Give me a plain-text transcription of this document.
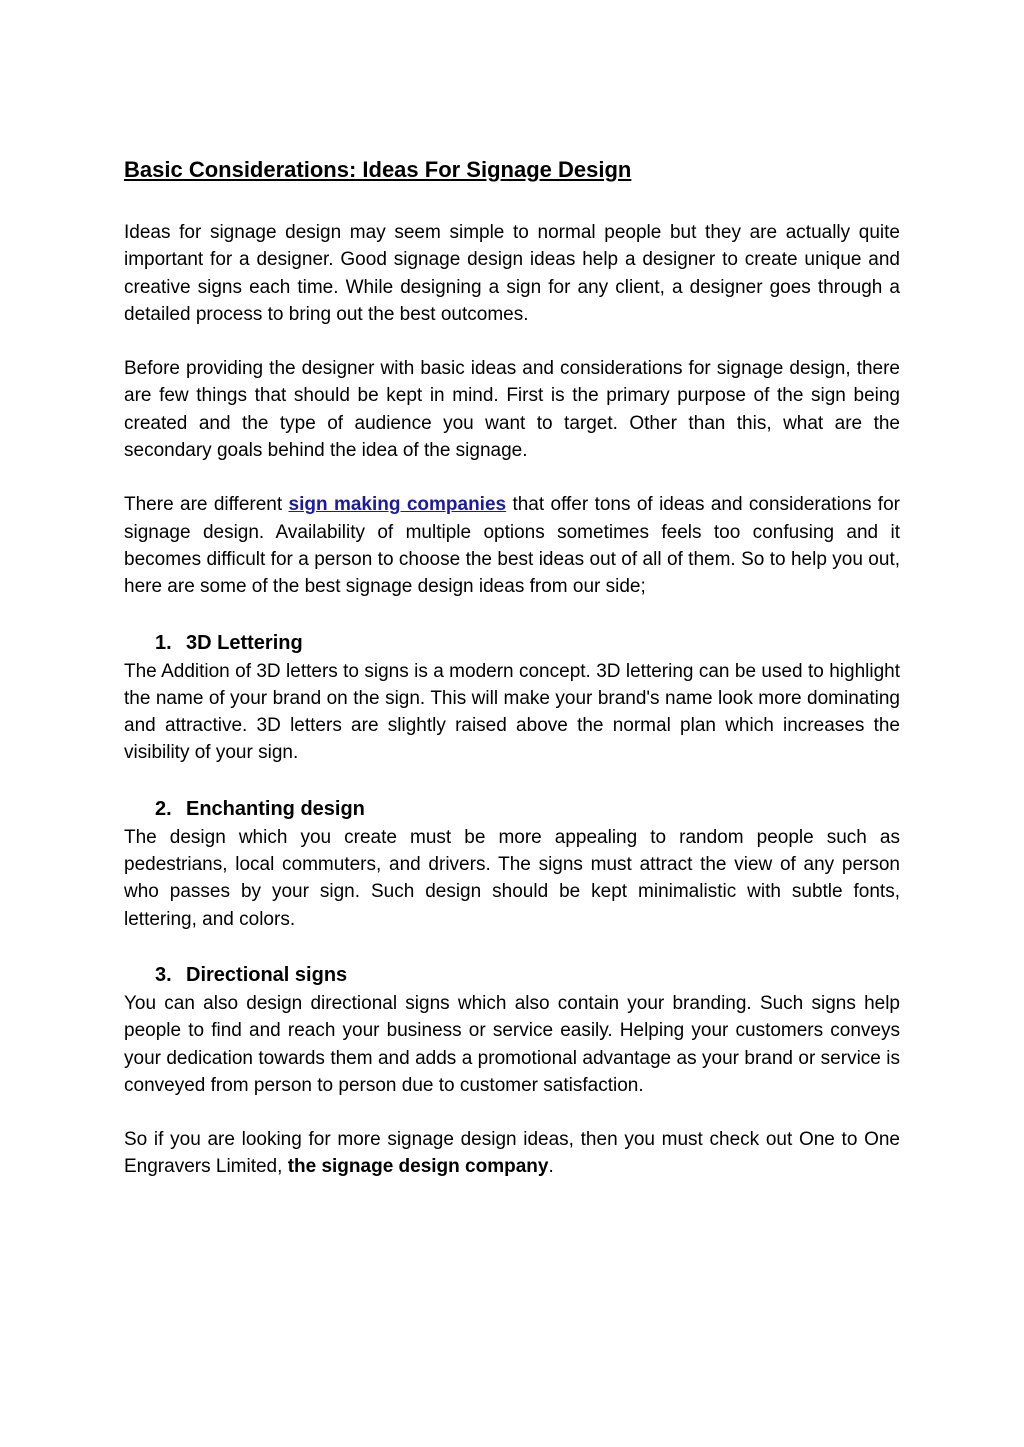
Basic Considerations: Ideas For Signage Design

Ideas for signage design may seem simple to normal people but they are actually quite important for a designer. Good signage design ideas help a designer to create unique and creative signs each time. While designing a sign for any client, a designer goes through a detailed process to bring out the best outcomes.

Before providing the designer with basic ideas and considerations for signage design, there are few things that should be kept in mind. First is the primary purpose of the sign being created and the type of audience you want to target. Other than this, what are the secondary goals behind the idea of the signage.

There are different sign making companies that offer tons of ideas and considerations for signage design. Availability of multiple options sometimes feels too confusing and it becomes difficult for a person to choose the best ideas out of all of them. So to help you out, here are some of the best signage design ideas from our side;

1. 3D Lettering

The Addition of 3D letters to signs is a modern concept. 3D lettering can be used to highlight the name of your brand on the sign. This will make your brand's name look more dominating and attractive. 3D letters are slightly raised above the normal plan which increases the visibility of your sign.

2. Enchanting design

The design which you create must be more appealing to random people such as pedestrians, local commuters, and drivers. The signs must attract the view of any person who passes by your sign. Such design should be kept minimalistic with subtle fonts, lettering, and colors.

3. Directional signs

You can also design directional signs which also contain your branding. Such signs help people to find and reach your business or service easily. Helping your customers conveys your dedication towards them and adds a promotional advantage as your brand or service is conveyed from person to person due to customer satisfaction.

So if you are looking for more signage design ideas, then you must check out One to One Engravers Limited, the signage design company.
